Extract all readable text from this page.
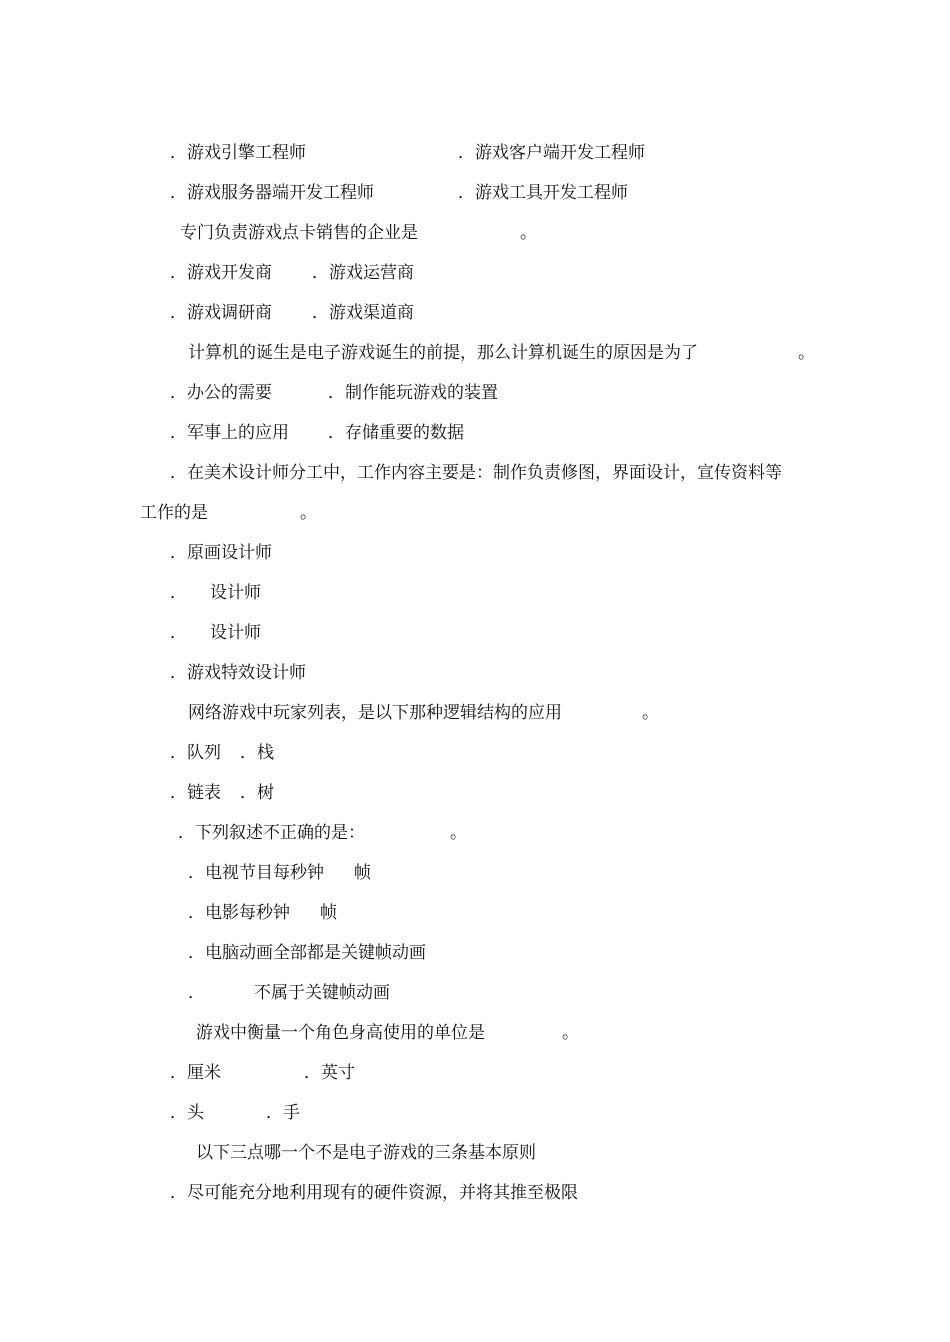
．游戏引擎工程师	．游戏客户端开发工程师
．游戏服务器端开发工程师	．游戏工具开发工程师
专门负责游戏点卡销售的企业是	。
．游戏开发商 ．游戏运营商
．游戏调研商 ．游戏渠道商
计算机的诞生是电子游戏诞生的前提，那么计算机诞生的原因是为了	。
．办公的需要	．制作能玩游戏的装置
．军事上的应用 ．存储重要的数据
．在美术设计师分工中，工作内容主要是：制作负责修图，界面设计，宣传资料等
工作的是	。
．原画设计师
． 设计师
． 设计师
．游戏特效设计师
网络游戏中玩家列表，是以下那种逻辑结构的应用	。
．队列 ．栈
．链表 ．树
．下列叙述不正确的是：	。
．电视节目每秒钟 帧
．电影每秒钟 帧
．电脑动画全部都是关键帧动画
．	不属于关键帧动画
游戏中衡量一个角色身高使用的单位是	。
．厘米	．英寸
．头	．手
以下三点哪一个不是电子游戏的三条基本原则
．尽可能充分地利用现有的硬件资源，并将其推至极限
